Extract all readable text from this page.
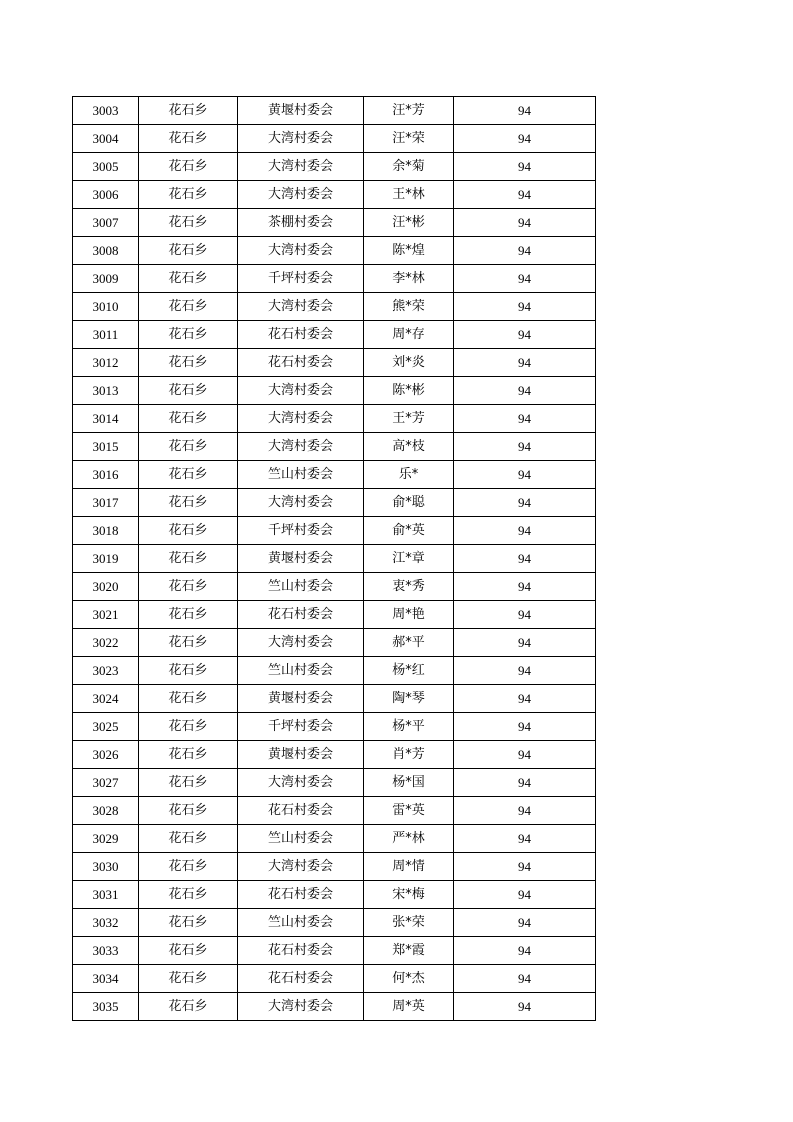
3003	花石乡	黄堰村委会	汪*芳	94
3004	花石乡	大湾村委会	汪*荣	94
3005	花石乡	大湾村委会	余*菊	94
3006	花石乡	大湾村委会	王*林	94
3007	花石乡	茶棚村委会	汪*彬	94
3008	花石乡	大湾村委会	陈*煌	94
3009	花石乡	千坪村委会	李*林	94
3010	花石乡	大湾村委会	熊*荣	94
3011	花石乡	花石村委会	周*存	94
3012	花石乡	花石村委会	刘*炎	94
3013	花石乡	大湾村委会	陈*彬	94
3014	花石乡	大湾村委会	王*芳	94
3015	花石乡	大湾村委会	高*枝	94
3016	花石乡	竺山村委会	乐*	94
3017	花石乡	大湾村委会	俞*聪	94
3018	花石乡	千坪村委会	俞*英	94
3019	花石乡	黄堰村委会	江*章	94
3020	花石乡	竺山村委会	衷*秀	94
3021	花石乡	花石村委会	周*艳	94
3022	花石乡	大湾村委会	郝*平	94
3023	花石乡	竺山村委会	杨*红	94
3024	花石乡	黄堰村委会	陶*琴	94
3025	花石乡	千坪村委会	杨*平	94
3026	花石乡	黄堰村委会	肖*芳	94
3027	花石乡	大湾村委会	杨*国	94
3028	花石乡	花石村委会	雷*英	94
3029	花石乡	竺山村委会	严*林	94
3030	花石乡	大湾村委会	周*情	94
3031	花石乡	花石村委会	宋*梅	94
3032	花石乡	竺山村委会	张*荣	94
3033	花石乡	花石村委会	郑*霞	94
3034	花石乡	花石村委会	何*杰	94
3035	花石乡	大湾村委会	周*英	94
